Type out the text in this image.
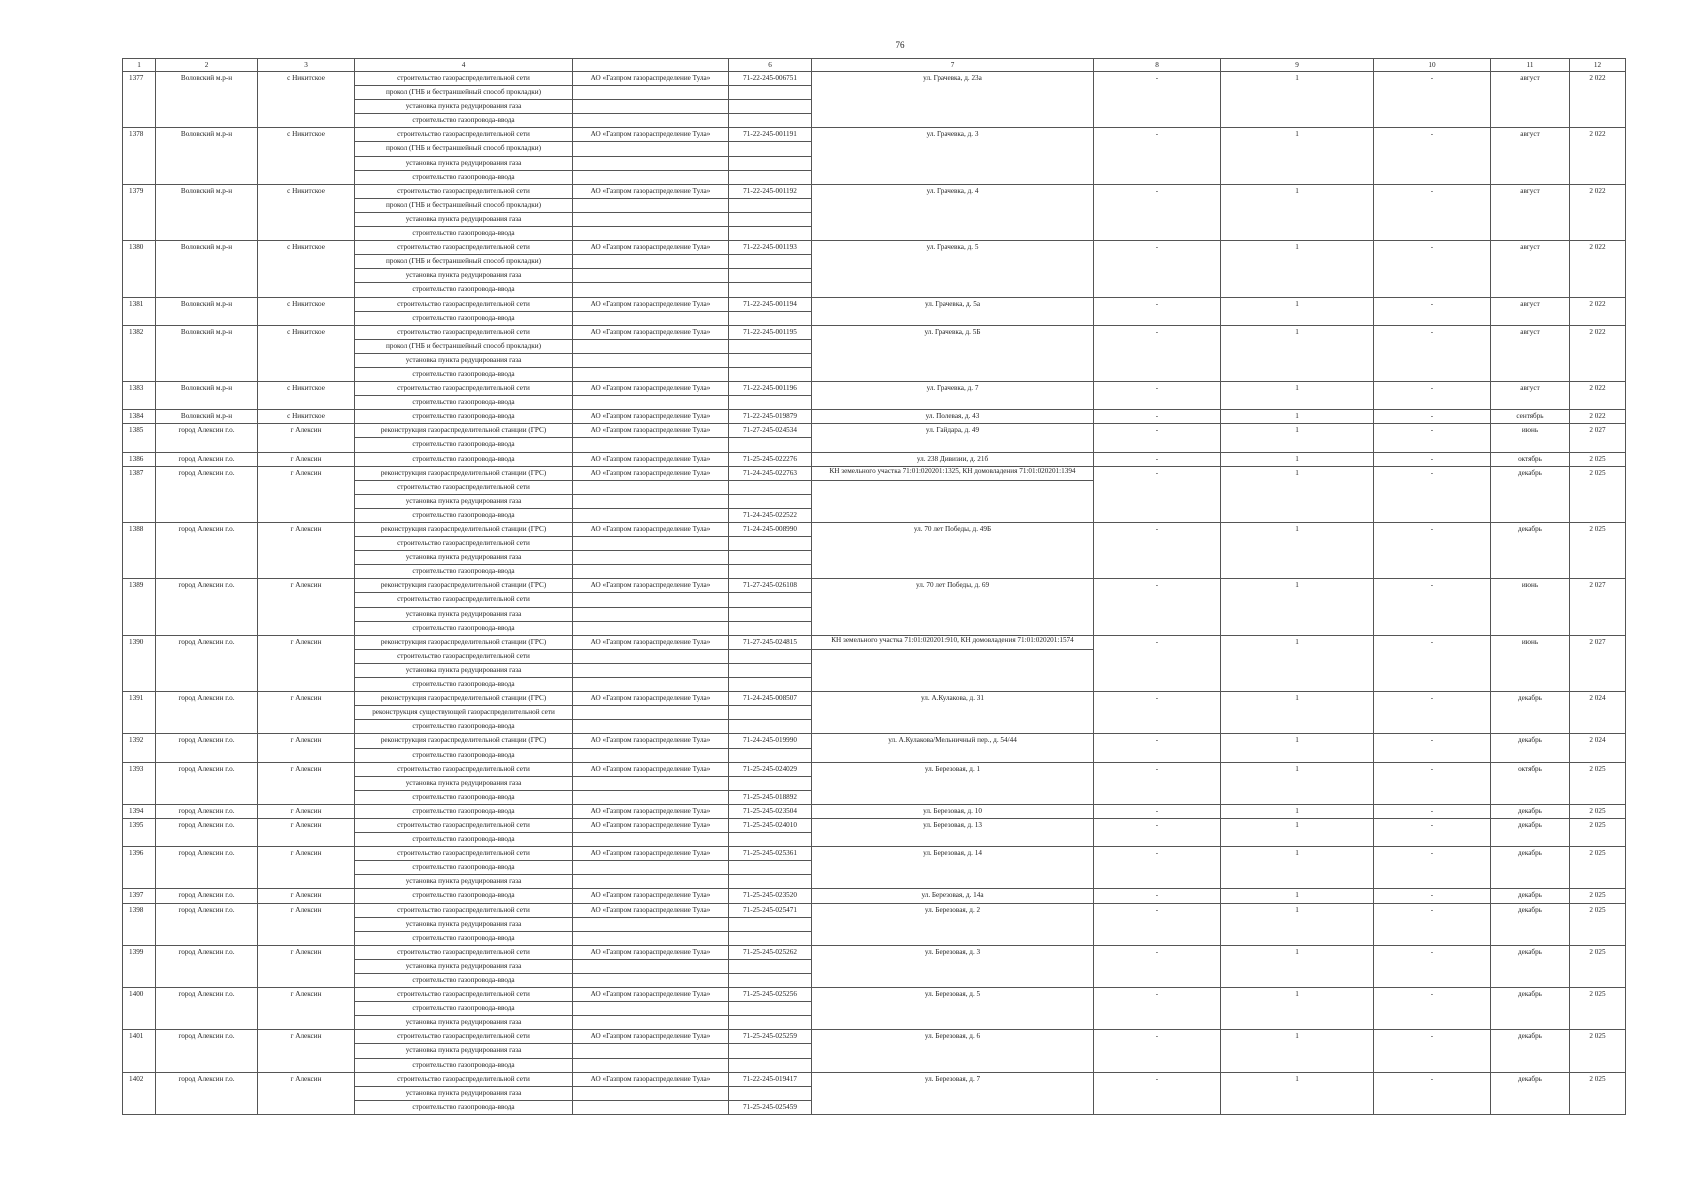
76
1	2	3	4		6	7	8	9	10	11	12
1377	Воловский м.р-н	с Никитское	строительство газораспределительной сети	АО «Газпром газораспределение Тула»	71-22-245-006751	ул. Грачевка, д. 23а	-	1	-	август	2 022
			прокол (ГНБ и бестраншейный способ прокладки)								
			установка пункта редуцирования газа								
			строительство газопровода-ввода								
1378	Воловский м.р-н	с Никитское	строительство газораспределительной сети	АО «Газпром газораспределение Тула»	71-22-245-001191	ул. Грачевка, д. 3	-	1	-	август	2 022
			прокол (ГНБ и бестраншейный способ прокладки)								
			установка пункта редуцирования газа								
			строительство газопровода-ввода								
1379	Воловский м.р-н	с Никитское	строительство газораспределительной сети	АО «Газпром газораспределение Тула»	71-22-245-001192	ул. Грачевка, д. 4	-	1	-	август	2 022
			прокол (ГНБ и бестраншейный способ прокладки)								
			установка пункта редуцирования газа								
			строительство газопровода-ввода								
1380	Воловский м.р-н	с Никитское	строительство газораспределительной сети	АО «Газпром газораспределение Тула»	71-22-245-001193	ул. Грачевка, д. 5	-	1	-	август	2 022
			прокол (ГНБ и бестраншейный способ прокладки)								
			установка пункта редуцирования газа								
			строительство газопровода-ввода								
1381	Воловский м.р-н	с Никитское	строительство газораспределительной сети	АО «Газпром газораспределение Тула»	71-22-245-001194	ул. Грачевка, д. 5а	-	1	-	август	2 022
			строительство газопровода-ввода								
1382	Воловский м.р-н	с Никитское	строительство газораспределительной сети	АО «Газпром газораспределение Тула»	71-22-245-001195	ул. Грачевка, д. 5Б	-	1	-	август	2 022
			прокол (ГНБ и бестраншейный способ прокладки)								
			установка пункта редуцирования газа								
			строительство газопровода-ввода								
1383	Воловский м.р-н	с Никитское	строительство газораспределительной сети	АО «Газпром газораспределение Тула»	71-22-245-001196	ул. Грачевка, д. 7	-	1	-	август	2 022
			строительство газопровода-ввода								
1384	Воловский м.р-н	с Никитское	строительство газопровода-ввода	АО «Газпром газораспределение Тула»	71-22-245-019879	ул. Полевая, д. 43	-	1	-	сентябрь	2 022
1385	город Алексин г.о.	г Алексин	реконструкция газораспределительной станции (ГРС)	АО «Газпром газораспределение Тула»	71-27-245-024534	ул. Гайдара, д. 49	-	1	-	июнь	2 027
			строительство газопровода-ввода								
1386	город Алексин г.о.	г Алексин	строительство газопровода-ввода	АО «Газпром газораспределение Тула»	71-25-245-022276	ул. 238 Дивизии, д. 21б	-	1	-	октябрь	2 025
1387	город Алексин г.о.	г Алексин	реконструкция газораспределительной станции (ГРС)	АО «Газпром газораспределение Тула»	71-24-245-022763	КН земельного участка 71:01:020201:1325, КН домовладения 71:01:020201:1394	-	1	-	декабрь	2 025
			строительство газораспределительной сети								
			установка пункта редуцирования газа								
			строительство газопровода-ввода		71-24-245-022522						
1388	город Алексин г.о.	г Алексин	реконструкция газораспределительной станции (ГРС)	АО «Газпром газораспределение Тула»	71-24-245-008990	ул. 70 лет Победы, д. 49Б	-	1	-	декабрь	2 025
			строительство газораспределительной сети								
			установка пункта редуцирования газа								
			строительство газопровода-ввода								
1389	город Алексин г.о.	г Алексин	реконструкция газораспределительной станции (ГРС)	АО «Газпром газораспределение Тула»	71-27-245-026108	ул. 70 лет Победы, д. 69	-	1	-	июнь	2 027
			строительство газораспределительной сети								
			установка пункта редуцирования газа								
			строительство газопровода-ввода								
1390	город Алексин г.о.	г Алексин	реконструкция газораспределительной станции (ГРС)	АО «Газпром газораспределение Тула»	71-27-245-024815	КН земельного участка 71:01:020201:910, КН домовладения 71:01:020201:1574	-	1	-	июнь	2 027
			строительство газораспределительной сети								
			установка пункта редуцирования газа								
			строительство газопровода-ввода								
1391	город Алексин г.о.	г Алексин	реконструкция газораспределительной станции (ГРС)	АО «Газпром газораспределение Тула»	71-24-245-008507	ул. А.Кулакова, д. 31	-	1	-	декабрь	2 024
			реконструкция существующей газораспределительной сети								
			строительство газопровода-ввода								
1392	город Алексин г.о.	г Алексин	реконструкция газораспределительной станции (ГРС)	АО «Газпром газораспределение Тула»	71-24-245-019990	ул. А.Кулакова/Мельничный пер., д. 54/44	-	1	-	декабрь	2 024
			строительство газопровода-ввода								
1393	город Алексин г.о.	г Алексин	строительство газораспределительной сети	АО «Газпром газораспределение Тула»	71-25-245-024029	ул. Березовая, д. 1	-	1	-	октябрь	2 025
			установка пункта редуцирования газа								
			строительство газопровода-ввода		71-25-245-018892						
1394	город Алексин г.о.	г Алексин	строительство газопровода-ввода	АО «Газпром газораспределение Тула»	71-25-245-023504	ул. Березовая, д. 10	-	1	-	декабрь	2 025
1395	город Алексин г.о.	г Алексин	строительство газораспределительной сети	АО «Газпром газораспределение Тула»	71-25-245-024010	ул. Березовая, д. 13	-	1	-	декабрь	2 025
			строительство газопровода-ввода								
1396	город Алексин г.о.	г Алексин	строительство газораспределительной сети	АО «Газпром газораспределение Тула»	71-25-245-025361	ул. Березовая, д. 14	-	1	-	декабрь	2 025
			строительство газопровода-ввода								
			установка пункта редуцирования газа								
1397	город Алексин г.о.	г Алексин	строительство газопровода-ввода	АО «Газпром газораспределение Тула»	71-25-245-023520	ул. Березовая, д. 14а	-	1	-	декабрь	2 025
1398	город Алексин г.о.	г Алексин	строительство газораспределительной сети	АО «Газпром газораспределение Тула»	71-25-245-025471	ул. Березовая, д. 2	-	1	-	декабрь	2 025
			установка пункта редуцирования газа								
			строительство газопровода-ввода								
1399	город Алексин г.о.	г Алексин	строительство газораспределительной сети	АО «Газпром газораспределение Тула»	71-25-245-025262	ул. Березовая, д. 3	-	1	-	декабрь	2 025
			установка пункта редуцирования газа								
			строительство газопровода-ввода								
1400	город Алексин г.о.	г Алексин	строительство газораспределительной сети	АО «Газпром газораспределение Тула»	71-25-245-025256	ул. Березовая, д. 5	-	1	-	декабрь	2 025
			строительство газопровода-ввода								
			установка пункта редуцирования газа								
1401	город Алексин г.о.	г Алексин	строительство газораспределительной сети	АО «Газпром газораспределение Тула»	71-25-245-025259	ул. Березовая, д. 6	-	1	-	декабрь	2 025
			установка пункта редуцирования газа								
			строительство газопровода-ввода								
1402	город Алексин г.о.	г Алексин	строительство газораспределительной сети	АО «Газпром газораспределение Тула»	71-22-245-019417	ул. Березовая, д. 7	-	1	-	декабрь	2 025
			установка пункта редуцирования газа								
			строительство газопровода-ввода		71-25-245-025459						
